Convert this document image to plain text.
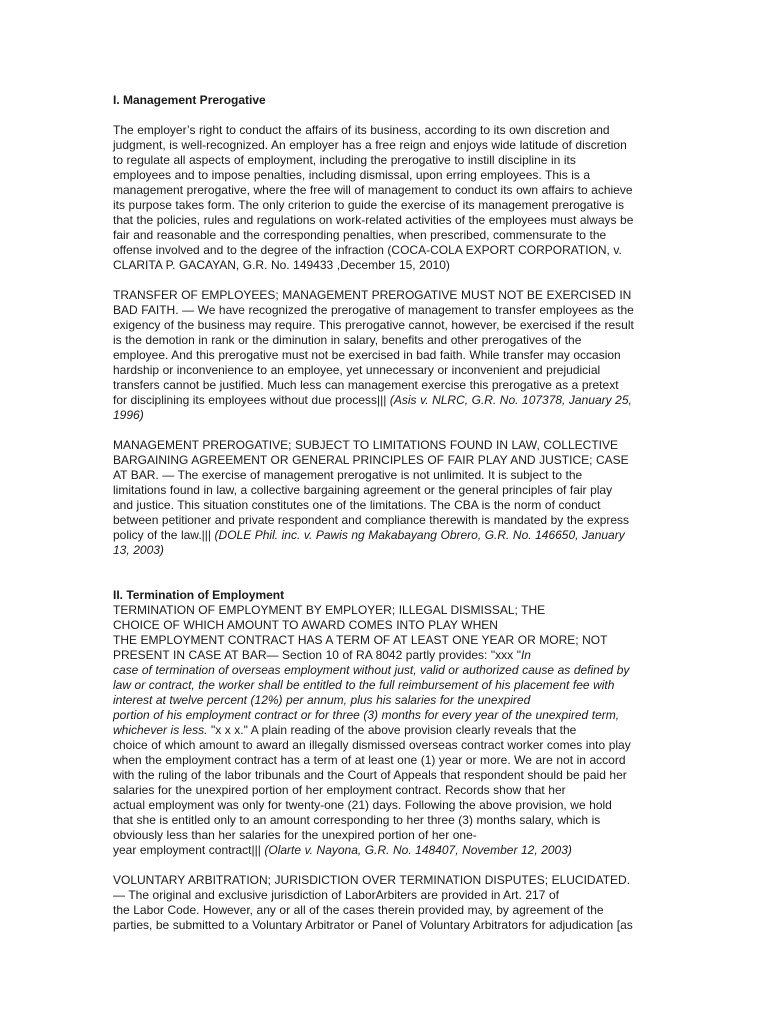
I. Management Prerogative
The employer’s right to conduct the affairs of its business, according to its own discretion and
judgment, is well-recognized. An employer has a free reign and enjoys wide latitude of discretion
to regulate all aspects of employment, including the prerogative to instill discipline in its
employees and to impose penalties, including dismissal, upon erring employees. This is a
management prerogative, where the free will of management to conduct its own affairs to achieve
its purpose takes form. The only criterion to guide the exercise of its management prerogative is
that the policies, rules and regulations on work-related activities of the employees must always be
fair and reasonable and the corresponding penalties, when prescribed, commensurate to the
offense involved and to the degree of the infraction (COCA-COLA EXPORT CORPORATION, v.
CLARITA P. GACAYAN, G.R. No. 149433 ,December 15, 2010)
TRANSFER OF EMPLOYEES; MANAGEMENT PREROGATIVE MUST NOT BE EXERCISED IN
BAD FAITH. — We have recognized the prerogative of management to transfer employees as the
exigency of the business may require. This prerogative cannot, however, be exercised if the result
is the demotion in rank or the diminution in salary, benefits and other prerogatives of the
employee. And this prerogative must not be exercised in bad faith. While transfer may occasion
hardship or inconvenience to an employee, yet unnecessary or inconvenient and prejudicial
transfers cannot be justified. Much less can management exercise this prerogative as a pretext
for disciplining its employees without due process||| (Asis v. NLRC, G.R. No. 107378, January 25,
1996)
MANAGEMENT PREROGATIVE; SUBJECT TO LIMITATIONS FOUND IN LAW, COLLECTIVE
BARGAINING AGREEMENT OR GENERAL PRINCIPLES OF FAIR PLAY AND JUSTICE; CASE
AT BAR. — The exercise of management prerogative is not unlimited. It is subject to the
limitations found in law, a collective bargaining agreement or the general principles of fair play
and justice. This situation constitutes one of the limitations. The CBA is the norm of conduct
between petitioner and private respondent and compliance therewith is mandated by the express
policy of the law.||| (DOLE Phil. inc. v. Pawis ng Makabayang Obrero, G.R. No. 146650, January
13, 2003)
II. Termination of Employment
TERMINATION OF EMPLOYMENT BY EMPLOYER; ILLEGAL DISMISSAL; THE
CHOICE OF WHICH AMOUNT TO AWARD COMES INTO PLAY WHEN
THE EMPLOYMENT CONTRACT HAS A TERM OF AT LEAST ONE YEAR OR MORE; NOT
PRESENT IN CASE AT BAR— Section 10 of RA 8042 partly provides: "xxx "In
case of termination of overseas employment without just, valid or authorized cause as defined by
law or contract, the worker shall be entitled to the full reimbursement of his placement fee with
interest at twelve percent (12%) per annum, plus his salaries for the unexpired
portion of his employment contract or for three (3) months for every year of the unexpired term,
whichever is less. "x x x." A plain reading of the above provision clearly reveals that the
choice of which amount to award an illegally dismissed overseas contract worker comes into play
when the employment contract has a term of at least one (1) year or more. We are not in accord
with the ruling of the labor tribunals and the Court of Appeals that respondent should be paid her
salaries for the unexpired portion of her employment contract. Records show that her
actual employment was only for twenty-one (21) days. Following the above provision, we hold
that she is entitled only to an amount corresponding to her three (3) months salary, which is
obviously less than her salaries for the unexpired portion of her one-
year employment contract||| (Olarte v. Nayona, G.R. No. 148407, November 12, 2003)
VOLUNTARY ARBITRATION; JURISDICTION OVER TERMINATION DISPUTES; ELUCIDATED.
— The original and exclusive jurisdiction of LaborArbiters are provided in Art. 217 of
the Labor Code. However, any or all of the cases therein provided may, by agreement of the
parties, be submitted to a Voluntary Arbitrator or Panel of Voluntary Arbitrators for adjudication [as
